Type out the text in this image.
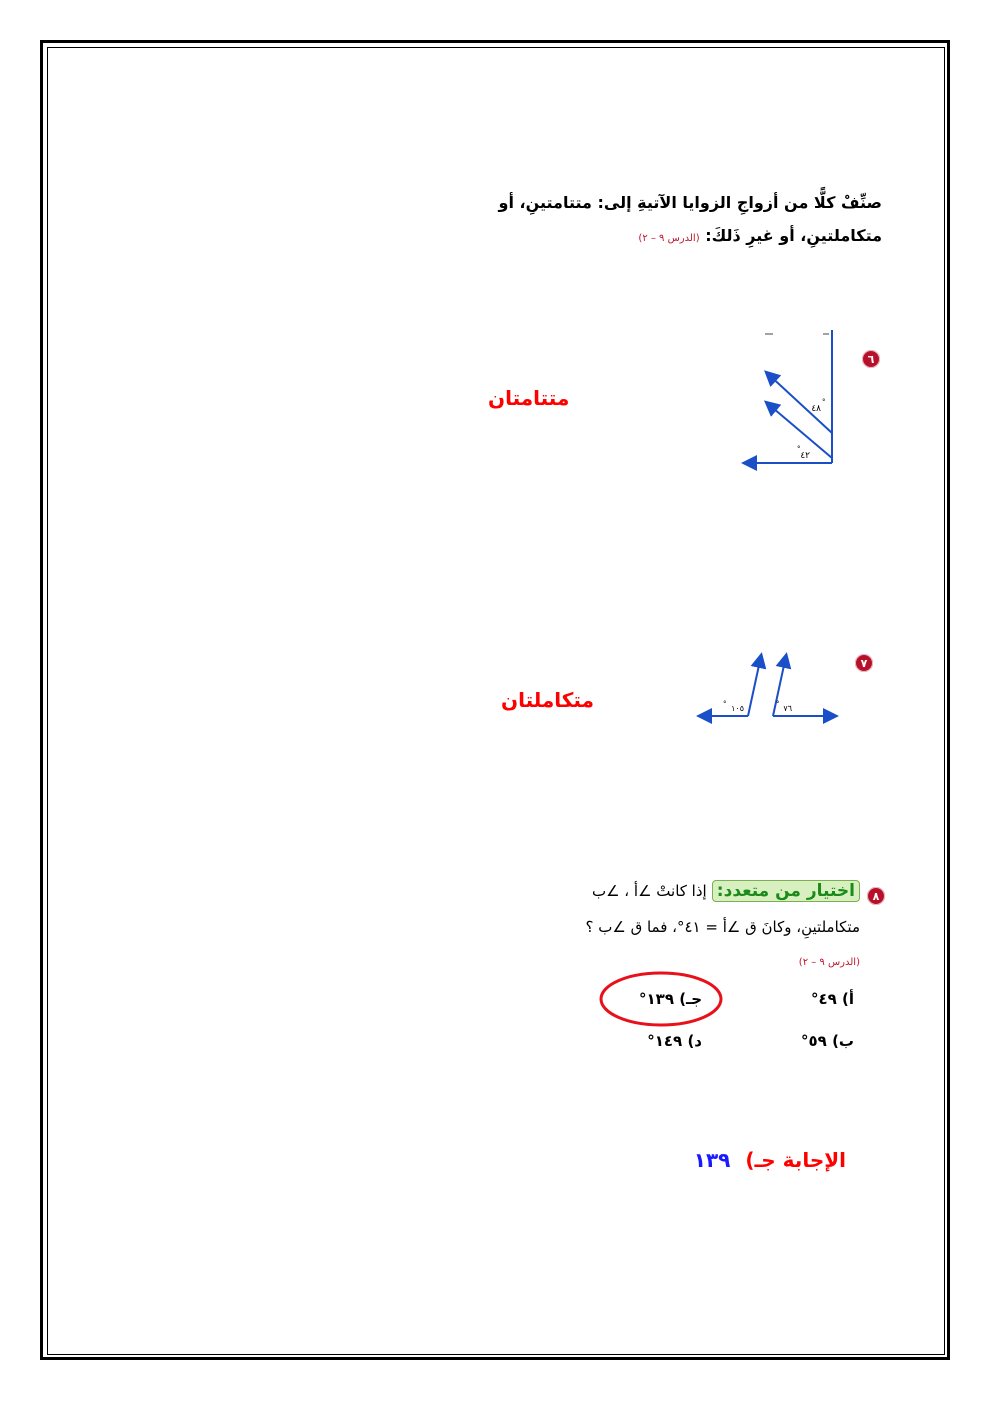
صنِّفْ كلًّا من أزواجِ الزوايا الآتيةِ إلى: متتامتينِ، أو
متكاملتينِ، أو غيرِ ذَلكَ: (الدرس ٩ – ٢)
٦
٤٨
°
٤٢
°
متتامتان
٧
١٠٥
°	٧٦
°
متكاملتان
٨
اختيار من متعدد: إذا كانتْ ∠أ ، ∠ب
متكاملتينِ، وكانَ ق ∠أ = ٤١°، فما ق ∠ب ؟
(الدرس ٩ – ٢)
أ) ٤٩°
ب) ٥٩°
جـ) ١٣٩°
د) ١٤٩°
الإجابة جـ) ١٣٩
